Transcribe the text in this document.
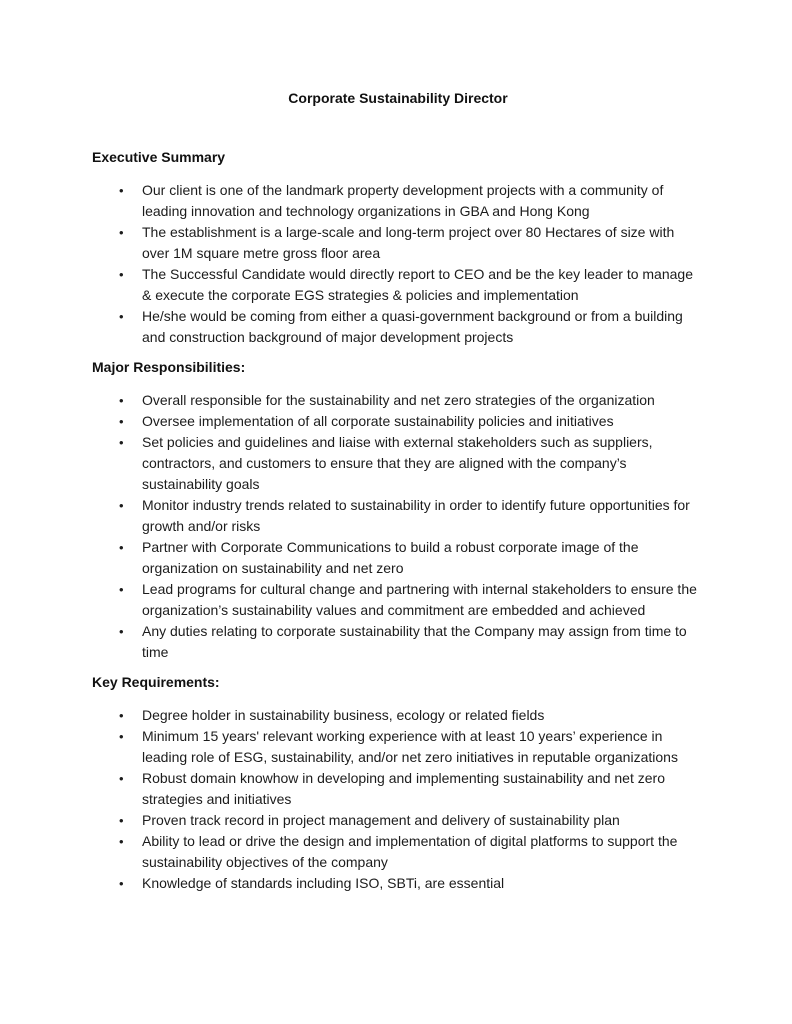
Corporate Sustainability Director
Executive Summary
• Our client is one of the landmark property development projects with a community of leading innovation and technology organizations in GBA and Hong Kong
• The establishment is a large-scale and long-term project over 80 Hectares of size with over 1M square metre gross floor area
• The Successful Candidate would directly report to CEO and be the key leader to manage & execute the corporate EGS strategies & policies and implementation
• He/she would be coming from either a quasi-government background or from a building and construction background of major development projects
Major Responsibilities:
• Overall responsible for the sustainability and net zero strategies of the organization
• Oversee implementation of all corporate sustainability policies and initiatives
• Set policies and guidelines and liaise with external stakeholders such as suppliers, contractors, and customers to ensure that they are aligned with the company’s sustainability goals
• Monitor industry trends related to sustainability in order to identify future opportunities for growth and/or risks
• Partner with Corporate Communications to build a robust corporate image of the organization on sustainability and net zero
• Lead programs for cultural change and partnering with internal stakeholders to ensure the organization’s sustainability values and commitment are embedded and achieved
• Any duties relating to corporate sustainability that the Company may assign from time to time
Key Requirements:
• Degree holder in sustainability business, ecology or related fields
• Minimum 15 years' relevant working experience with at least 10 years’ experience in leading role of ESG, sustainability, and/or net zero initiatives in reputable organizations
• Robust domain knowhow in developing and implementing sustainability and net zero strategies and initiatives
• Proven track record in project management and delivery of sustainability plan
• Ability to lead or drive the design and implementation of digital platforms to support the sustainability objectives of the company
• Knowledge of standards including ISO, SBTi, are essential
